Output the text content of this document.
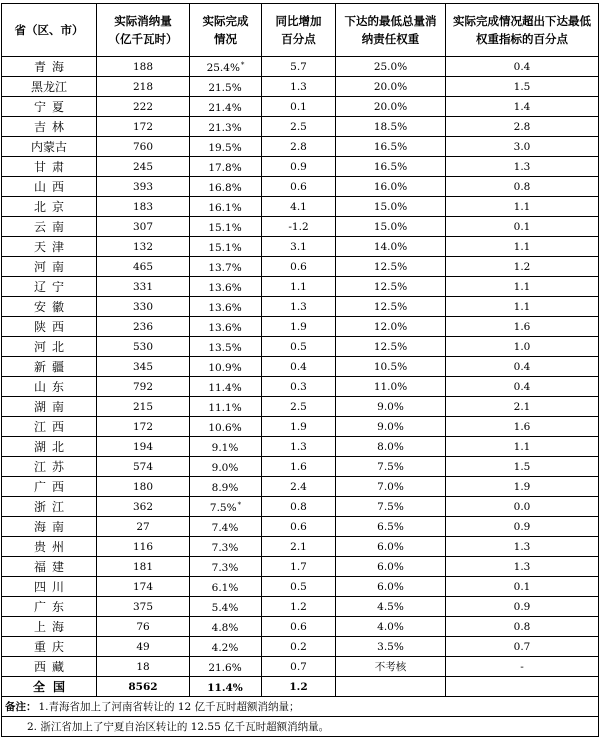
省（区、市）	实际消纳量（亿千瓦时）	实际完成情况	同比增加百分点	下达的最低总量消纳责任权重	实际完成情况超出下达最低权重指标的百分点

青海	188	25.4%*	5.7	25.0%	0.4
黑龙江	218	21.5%	1.3	20.0%	1.5
宁夏	222	21.4%	0.1	20.0%	1.4
吉林	172	21.3%	2.5	18.5%	2.8
内蒙古	760	19.5%	2.8	16.5%	3.0
甘肃	245	17.8%	0.9	16.5%	1.3
山西	393	16.8%	0.6	16.0%	0.8
北京	183	16.1%	4.1	15.0%	1.1
云南	307	15.1%	-1.2	15.0%	0.1
天津	132	15.1%	3.1	14.0%	1.1
河南	465	13.7%	0.6	12.5%	1.2
辽宁	331	13.6%	1.1	12.5%	1.1
安徽	330	13.6%	1.3	12.5%	1.1
陕西	236	13.6%	1.9	12.0%	1.6
河北	530	13.5%	0.5	12.5%	1.0
新疆	345	10.9%	0.4	10.5%	0.4
山东	792	11.4%	0.3	11.0%	0.4
湖南	215	11.1%	2.5	9.0%	2.1
江西	172	10.6%	1.9	9.0%	1.6
湖北	194	9.1%	1.3	8.0%	1.1
江苏	574	9.0%	1.6	7.5%	1.5
广西	180	8.9%	2.4	7.0%	1.9
浙江	362	7.5%*	0.8	7.5%	0.0
海南	27	7.4%	0.6	6.5%	0.9
贵州	116	7.3%	2.1	6.0%	1.3
福建	181	7.3%	1.7	6.0%	1.3
四川	174	6.1%	0.5	6.0%	0.1
广东	375	5.4%	1.2	4.5%	0.9
上海	76	4.8%	0.6	4.0%	0.8
重庆	49	4.2%	0.2	3.5%	0.7
西藏	18	21.6%	0.7	不考核	-
全国	8562	11.4%	1.2		
备注： 1.青海省加上了河南省转让的 12 亿千瓦时超额消纳量；					
2. 浙江省加上了宁夏自治区转让的 12.55 亿千瓦时超额消纳量。					
